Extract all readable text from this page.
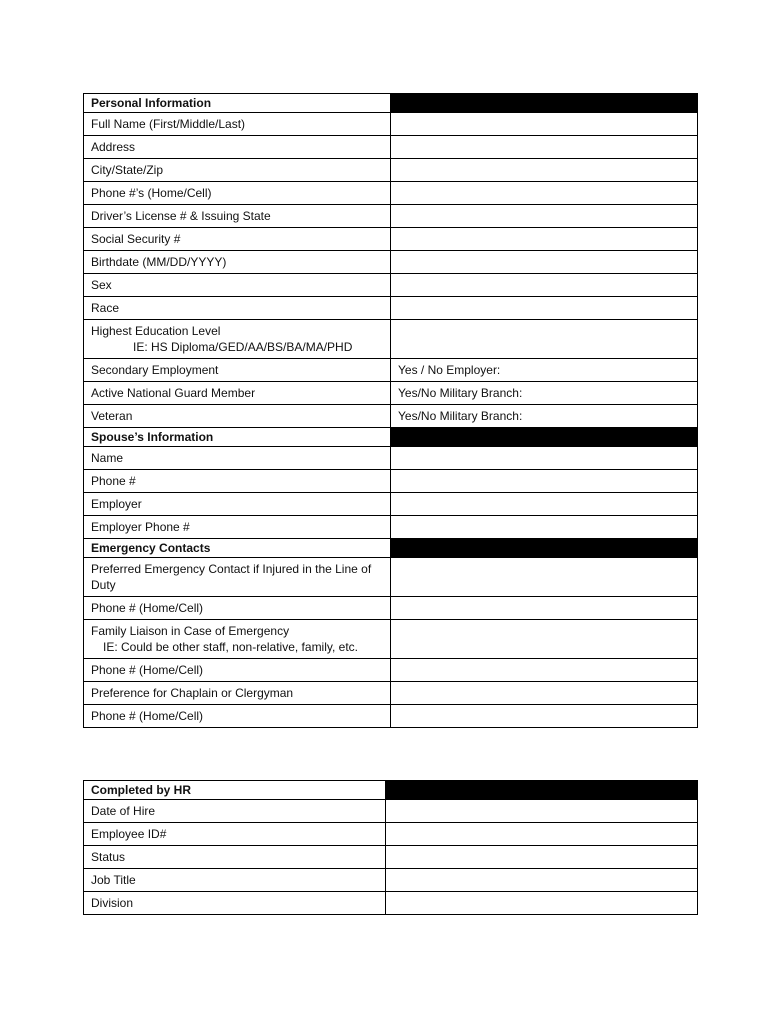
Personal Information	
Full Name (First/Middle/Last)	
Address	
City/State/Zip	
Phone #’s (Home/Cell)	
Driver’s License # & Issuing State	
Social Security #	
Birthdate (MM/DD/YYYY)	
Sex	
Race	
Highest Education Level
IE: HS Diploma/GED/AA/BS/BA/MA/PHD	

Secondary Employment	Yes / No Employer:
Active National Guard Member	Yes/No Military Branch:
Veteran	Yes/No Military Branch:
Spouse’s Information	
Name	
Phone #	
Employer	
Employer Phone #	
Emergency Contacts	
Preferred Emergency Contact if Injured in the Line of Duty	
Phone # (Home/Cell)	
Family Liaison in Case of Emergency
IE: Could be other staff, non-relative, family, etc.	

Phone # (Home/Cell)	
Preference for Chaplain or Clergyman	
Phone # (Home/Cell)	
Completed by HR	
Date of Hire	
Employee ID#	
Status	
Job Title	
Division	
